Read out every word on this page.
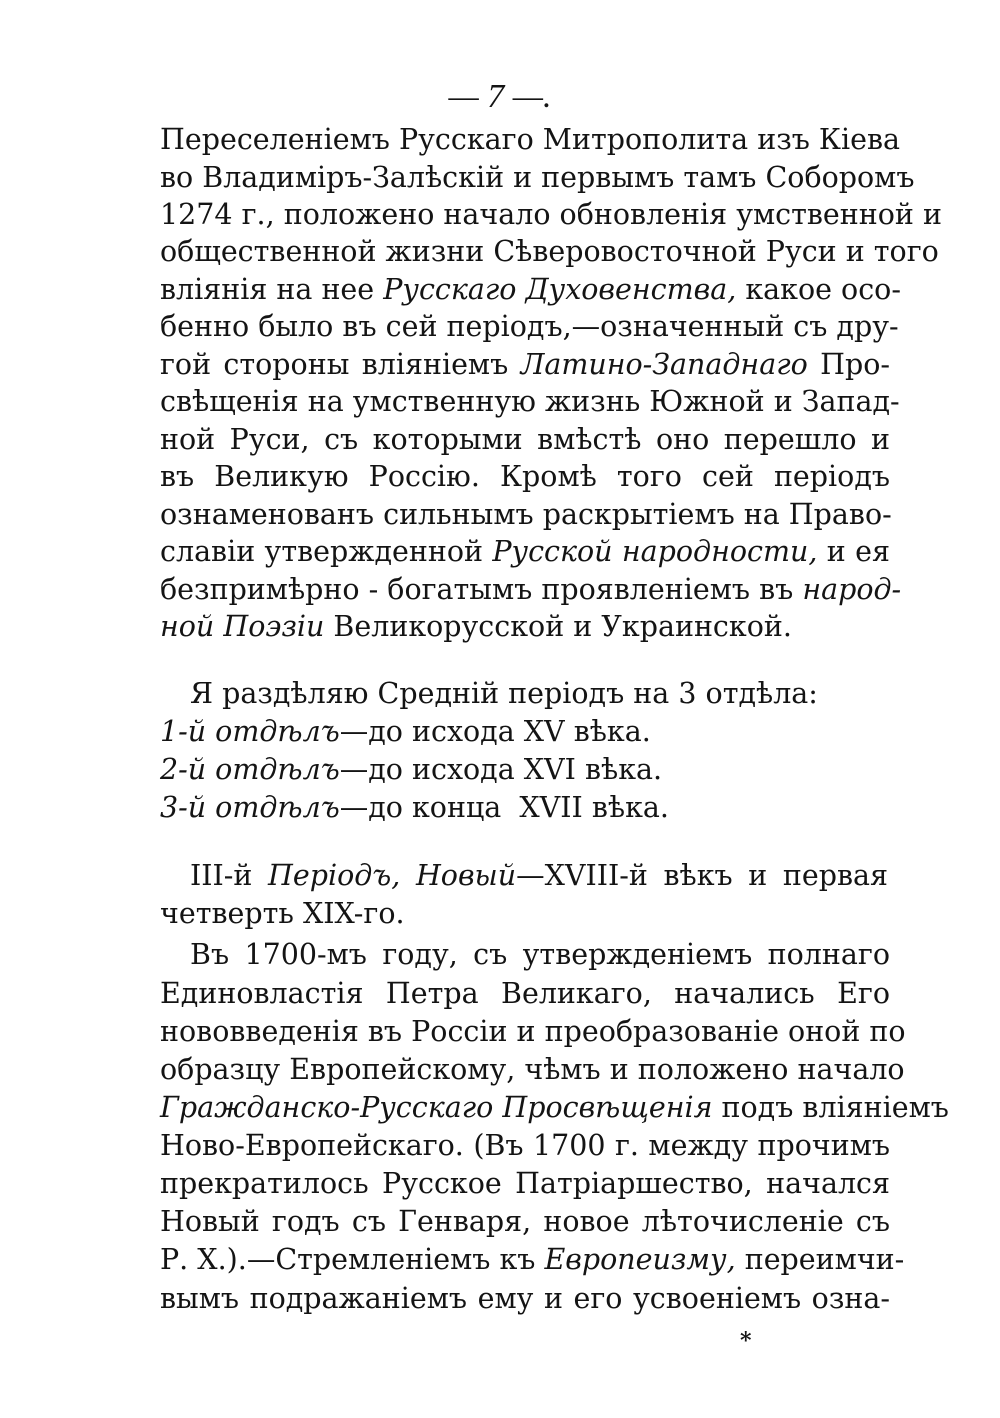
— 7 —.
Переселеніемъ Русскаго Митрополита изъ Кіева
во Владиміръ-Залѣскій и первымъ тамъ Соборомъ
1274 г., положено начало обновленія умственной и
общественной жизни Сѣверовосточной Руси и того
вліянія на нее Русскаго Духовенства, какое осо-
бенно было въ сей періодъ,—означенный съ дру-
гой стороны вліяніемъ Латино-Западнаго Про-
свѣщенія на умственную жизнь Южной и Запад-
ной Руси, съ которыми вмѣстѣ оно перешло и
въ Великую Россію. Кромѣ того сей періодъ
ознаменованъ сильнымъ раскрытіемъ на Право-
славіи утвержденной Русской народности, и ея
безпримѣрно - богатымъ проявленіемъ въ народ-
ной Поэзіи Великорусской и Украинской.
Я раздѣляю Средній періодъ на 3 отдѣла:
1-й отдѣлъ—до исхода XV вѣка.
2-й отдѣлъ—до исхода XVI вѣка.
3-й отдѣлъ—до конца  XVII вѣка.
III-й Періодъ, Новый—XVIII-й вѣкъ и первая
четверть XIX-го.
Въ 1700-мъ году, съ утвержденіемъ полнаго
Единовластія Петра Великаго, начались Его
нововведенія въ Россіи и преобразованіе оной по
образцу Европейскому, чѣмъ и положено начало
Гражданско-Русскаго Просвѣщенія подъ вліяніемъ
Ново-Европейскаго. (Въ 1700 г. между прочимъ
прекратилось Русское Патріаршество, начался
Новый годъ съ Генваря, новое лѣточисленіе съ
Р. Х.).—Стремленіемъ къ Европеизму, переимчи-
вымъ подражаніемъ ему и его усвоеніемъ озна-
*
